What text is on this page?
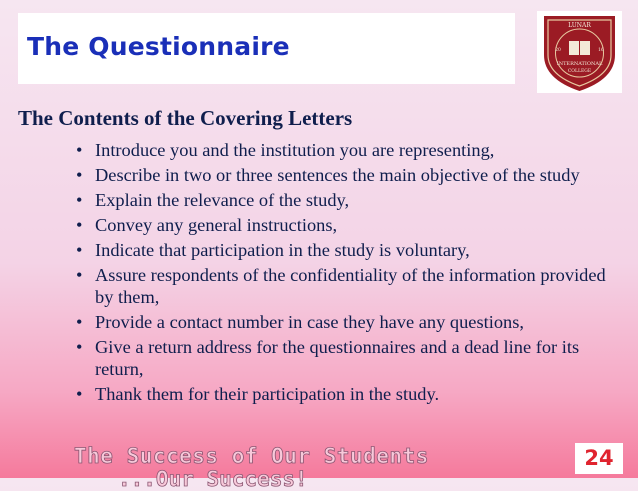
The Questionnaire
LUNAR
20	16
INTERNATIONAL
COLLEGE
The Contents of the Covering Letters
• Introduce you and the institution you are representing,
• Describe in two or three sentences the main objective of the study
• Explain the relevance of the study,
• Convey any general instructions,
• Indicate that participation in the study is voluntary,
• Assure respondents of the confidentiality of the information provided by them,
• Provide a contact number in case they have any questions,
• Give a return address for the questionnaires and a dead line for its return,
• Thank them for their participation in the study.
The Success of Our Students
...Our Success!
24
